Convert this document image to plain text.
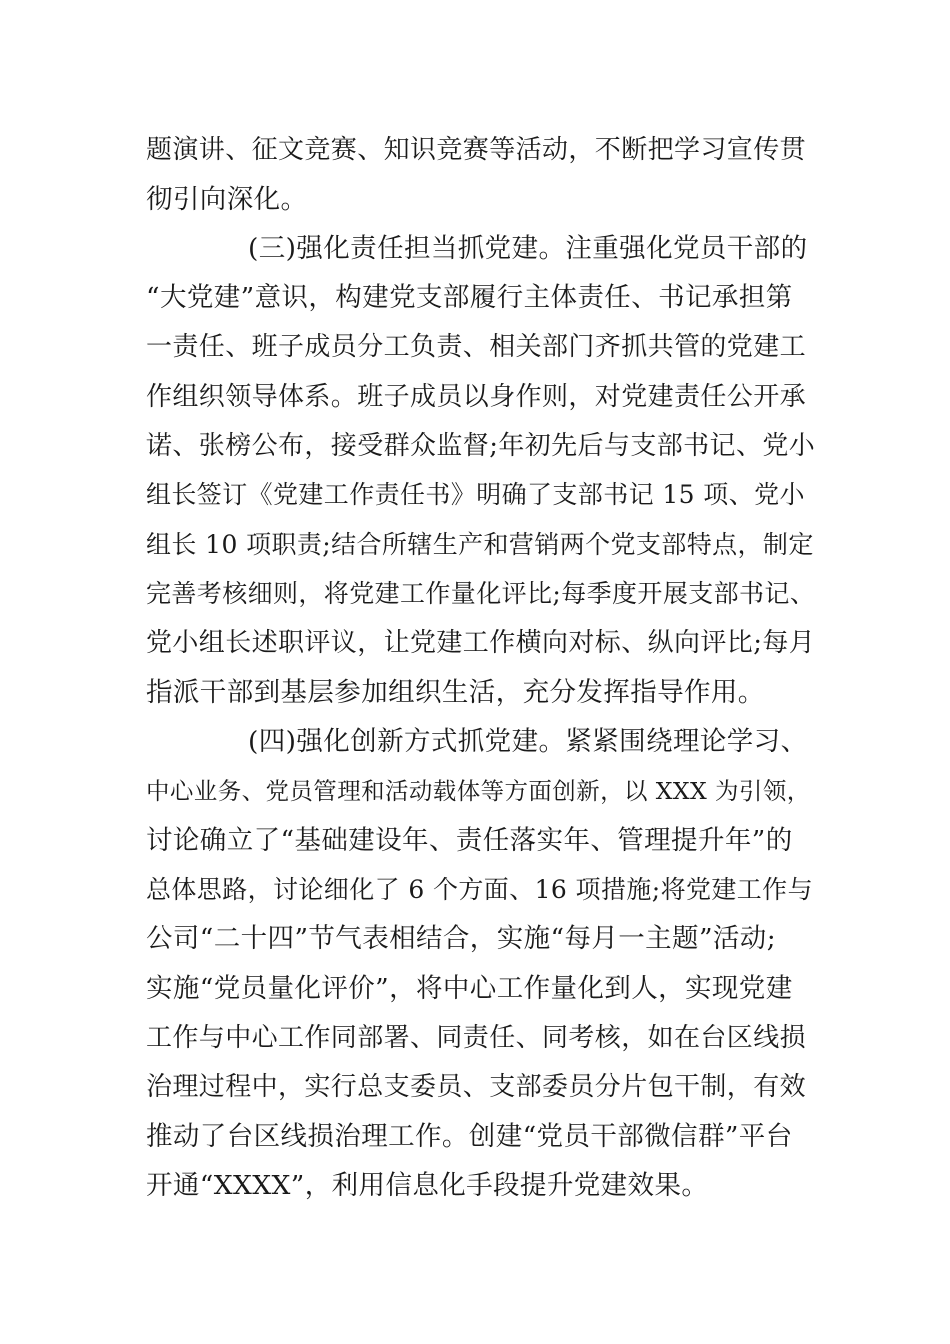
题演讲、征文竞赛、知识竞赛等活动，不断把学习宣传贯
彻引向深化。
(三)强化责任担当抓党建。注重强化党员干部的
“大党建”意识，构建党支部履行主体责任、书记承担第
一责任、班子成员分工负责、相关部门齐抓共管的党建工
作组织领导体系。班子成员以身作则，对党建责任公开承
诺、张榜公布，接受群众监督;年初先后与支部书记、党小
组长签订《党建工作责任书》明确了支部书记 15 项、党小
组长 10 项职责;结合所辖生产和营销两个党支部特点，制定
完善考核细则，将党建工作量化评比;每季度开展支部书记、
党小组长述职评议，让党建工作横向对标、纵向评比;每月
指派干部到基层参加组织生活，充分发挥指导作用。
(四)强化创新方式抓党建。紧紧围绕理论学习、
中心业务、党员管理和活动载体等方面创新，以 XXX 为引领，
讨论确立了“基础建设年、责任落实年、管理提升年”的
总体思路，讨论细化了 6 个方面、16 项措施;将党建工作与
公司“二十四”节气表相结合，实施“每月一主题”活动;
实施“党员量化评价”，将中心工作量化到人，实现党建
工作与中心工作同部署、同责任、同考核，如在台区线损
治理过程中，实行总支委员、支部委员分片包干制，有效
推动了台区线损治理工作。创建“党员干部微信群”平台
开通“XXXX”，利用信息化手段提升党建效果。
